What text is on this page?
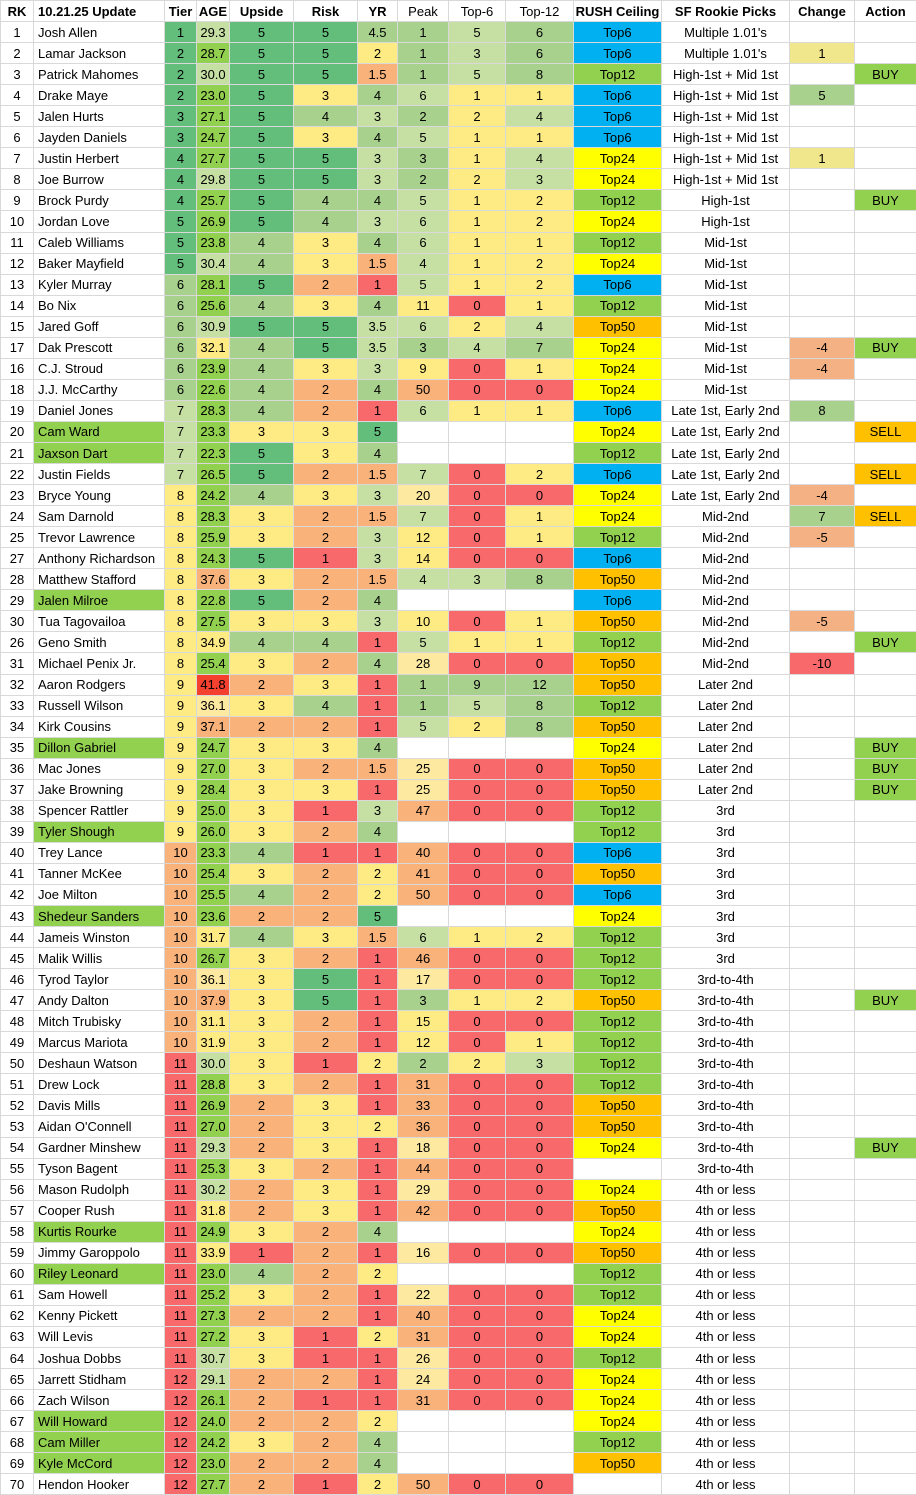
RK	10.21.25 Update	Tier	AGE	Upside	Risk	YR	Peak	Top-6	Top-12	RUSH Ceiling	SF Rookie Picks	Change	Action
1	Josh Allen	1	29.3	5	5	4.5	1	5	6	Top6	Multiple 1.01's		
2	Lamar Jackson	2	28.7	5	5	2	1	3	6	Top6	Multiple 1.01's	1	
3	Patrick Mahomes	2	30.0	5	5	1.5	1	5	8	Top12	High-1st + Mid 1st		BUY
4	Drake Maye	2	23.0	5	3	4	6	1	1	Top6	High-1st + Mid 1st	5	
5	Jalen Hurts	3	27.1	5	4	3	2	2	4	Top6	High-1st + Mid 1st		
6	Jayden Daniels	3	24.7	5	3	4	5	1	1	Top6	High-1st + Mid 1st		
7	Justin Herbert	4	27.7	5	5	3	3	1	4	Top24	High-1st + Mid 1st	1	
8	Joe Burrow	4	29.8	5	5	3	2	2	3	Top24	High-1st + Mid 1st		
9	Brock Purdy	4	25.7	5	4	4	5	1	2	Top12	High-1st		BUY
10	Jordan Love	5	26.9	5	4	3	6	1	2	Top24	High-1st		
11	Caleb Williams	5	23.8	4	3	4	6	1	1	Top12	Mid-1st		
12	Baker Mayfield	5	30.4	4	3	1.5	4	1	2	Top24	Mid-1st		
13	Kyler Murray	6	28.1	5	2	1	5	1	2	Top6	Mid-1st		
14	Bo Nix	6	25.6	4	3	4	11	0	1	Top12	Mid-1st		
15	Jared Goff	6	30.9	5	5	3.5	6	2	4	Top50	Mid-1st		
17	Dak Prescott	6	32.1	4	5	3.5	3	4	7	Top24	Mid-1st	-4	BUY
16	C.J. Stroud	6	23.9	4	3	3	9	0	1	Top24	Mid-1st	-4	
18	J.J. McCarthy	6	22.6	4	2	4	50	0	0	Top24	Mid-1st		
19	Daniel Jones	7	28.3	4	2	1	6	1	1	Top6	Late 1st, Early 2nd	8	
20	Cam Ward	7	23.3	3	3	5				Top24	Late 1st, Early 2nd		SELL
21	Jaxson Dart	7	22.3	5	3	4				Top12	Late 1st, Early 2nd		
22	Justin Fields	7	26.5	5	2	1.5	7	0	2	Top6	Late 1st, Early 2nd		SELL
23	Bryce Young	8	24.2	4	3	3	20	0	0	Top24	Late 1st, Early 2nd	-4	
24	Sam Darnold	8	28.3	3	2	1.5	7	0	1	Top24	Mid-2nd	7	SELL
25	Trevor Lawrence	8	25.9	3	2	3	12	0	1	Top12	Mid-2nd	-5	
27	Anthony Richardson	8	24.3	5	1	3	14	0	0	Top6	Mid-2nd		
28	Matthew Stafford	8	37.6	3	2	1.5	4	3	8	Top50	Mid-2nd		
29	Jalen Milroe	8	22.8	5	2	4				Top6	Mid-2nd		
30	Tua Tagovailoa	8	27.5	3	3	3	10	0	1	Top50	Mid-2nd	-5	
26	Geno Smith	8	34.9	4	4	1	5	1	1	Top12	Mid-2nd		BUY
31	Michael Penix Jr.	8	25.4	3	2	4	28	0	0	Top50	Mid-2nd	-10	
32	Aaron Rodgers	9	41.8	2	3	1	1	9	12	Top50	Later 2nd		
33	Russell Wilson	9	36.1	3	4	1	1	5	8	Top12	Later 2nd		
34	Kirk Cousins	9	37.1	2	2	1	5	2	8	Top50	Later 2nd		
35	Dillon Gabriel	9	24.7	3	3	4				Top24	Later 2nd		BUY
36	Mac Jones	9	27.0	3	2	1.5	25	0	0	Top50	Later 2nd		BUY
37	Jake Browning	9	28.4	3	3	1	25	0	0	Top50	Later 2nd		BUY
38	Spencer Rattler	9	25.0	3	1	3	47	0	0	Top12	3rd		
39	Tyler Shough	9	26.0	3	2	4				Top12	3rd		
40	Trey Lance	10	23.3	4	1	1	40	0	0	Top6	3rd		
41	Tanner McKee	10	25.4	3	2	2	41	0	0	Top50	3rd		
42	Joe Milton	10	25.5	4	2	2	50	0	0	Top6	3rd		
43	Shedeur Sanders	10	23.6	2	2	5				Top24	3rd		
44	Jameis Winston	10	31.7	4	3	1.5	6	1	2	Top12	3rd		
45	Malik Willis	10	26.7	3	2	1	46	0	0	Top12	3rd		
46	Tyrod Taylor	10	36.1	3	5	1	17	0	0	Top12	3rd-to-4th		
47	Andy Dalton	10	37.9	3	5	1	3	1	2	Top50	3rd-to-4th		BUY
48	Mitch Trubisky	10	31.1	3	2	1	15	0	0	Top12	3rd-to-4th		
49	Marcus Mariota	10	31.9	3	2	1	12	0	1	Top12	3rd-to-4th		
50	Deshaun Watson	11	30.0	3	1	2	2	2	3	Top12	3rd-to-4th		
51	Drew Lock	11	28.8	3	2	1	31	0	0	Top12	3rd-to-4th		
52	Davis Mills	11	26.9	2	3	1	33	0	0	Top50	3rd-to-4th		
53	Aidan O'Connell	11	27.0	2	3	2	36	0	0	Top50	3rd-to-4th		
54	Gardner Minshew	11	29.3	2	3	1	18	0	0	Top24	3rd-to-4th		BUY
55	Tyson Bagent	11	25.3	3	2	1	44	0	0		3rd-to-4th		
56	Mason Rudolph	11	30.2	2	3	1	29	0	0	Top24	4th or less		
57	Cooper Rush	11	31.8	2	3	1	42	0	0	Top50	4th or less		
58	Kurtis Rourke	11	24.9	3	2	4				Top24	4th or less		
59	Jimmy Garoppolo	11	33.9	1	2	1	16	0	0	Top50	4th or less		
60	Riley Leonard	11	23.0	4	2	2				Top12	4th or less		
61	Sam Howell	11	25.2	3	2	1	22	0	0	Top12	4th or less		
62	Kenny Pickett	11	27.3	2	2	1	40	0	0	Top24	4th or less		
63	Will Levis	11	27.2	3	1	2	31	0	0	Top24	4th or less		
64	Joshua Dobbs	11	30.7	3	1	1	26	0	0	Top12	4th or less		
65	Jarrett Stidham	12	29.1	2	2	1	24	0	0	Top24	4th or less		
66	Zach Wilson	12	26.1	2	1	1	31	0	0	Top24	4th or less		
67	Will Howard	12	24.0	2	2	2				Top24	4th or less		
68	Cam Miller	12	24.2	3	2	4				Top12	4th or less		
69	Kyle McCord	12	23.0	2	2	4				Top50	4th or less		
70	Hendon Hooker	12	27.7	2	1	2	50	0	0		4th or less		
